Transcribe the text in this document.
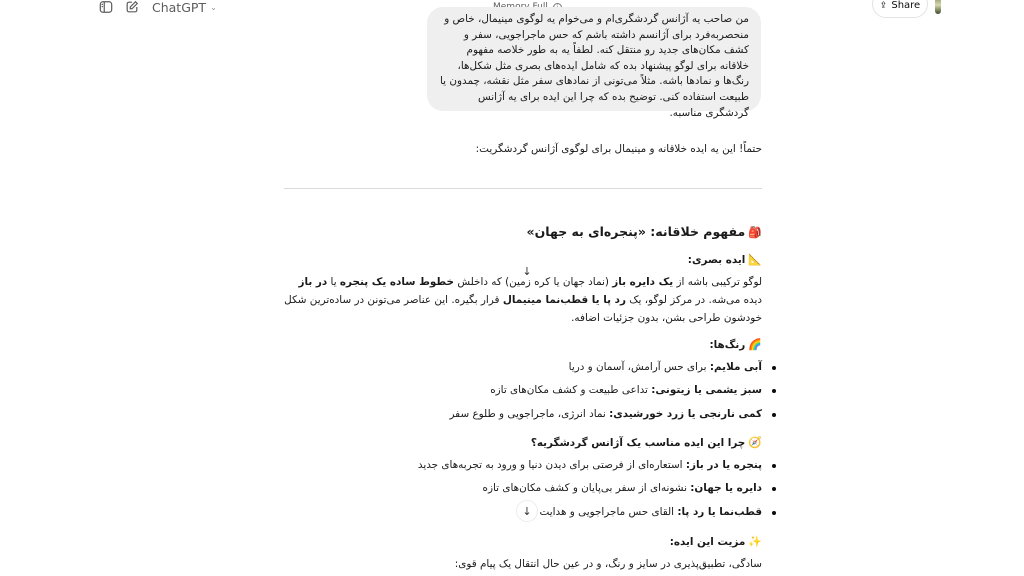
ChatGPT ⌄	⇪ Share
من صاحب یه آژانس گردشگری‌ام و می‌خوام یه لوگوی مینیمال، خاص و منحصربه‌فرد برای آژانسم داشته باشم که حس ماجراجویی، سفر و کشف مکان‌های جدید رو منتقل کنه. لطفاً یه به طور خلاصه مفهوم خلاقانه برای لوگو پیشنهاد بده که شامل ایده‌های بصری مثل شکل‌ها، رنگ‌ها و نمادها باشه. مثلاً می‌تونی از نمادهای سفر مثل نقشه، چمدون یا طبیعت استفاده کنی. توضیح بده که چرا این ایده برای یه آژانس گردشگری مناسبه.
حتماً! این یه ایده خلاقانه و مینیمال برای لوگوی آژانس گردشگریت:
🎒مفهوم خلاقانه: «پنجره‌ای به جهان»
📐ایده بصری:
لوگو ترکیبی باشه از یک دایره باز (نماد جهان یا کره زمین) که داخلش خطوط ساده یک پنجره یا در باز دیده می‌شه. در مرکز لوگو، یک رد پا یا قطب‌نما مینیمال قرار بگیره. این عناصر می‌تونن در ساده‌ترین شکل خودشون طراحی بشن، بدون جزئیات اضافه.
🌈رنگ‌ها:
آبی ملایم: برای حس آرامش، آسمان و دریا
سبز یشمی یا زیتونی: تداعی طبیعت و کشف مکان‌های تازه
کمی نارنجی یا زرد خورشیدی: نماد انرژی، ماجراجویی و طلوع سفر
🧭چرا این ایده مناسب یک آژانس گردشگریه؟
پنجره یا در باز: استعاره‌ای از فرصتی برای دیدن دنیا و ورود به تجربه‌های جدید
دایره یا جهان: نشونه‌ای از سفر بی‌پایان و کشف مکان‌های تازه
قطب‌نما یا رد پا: القای حس ماجراجویی و هدایت
✨مزیت این ایده:
سادگی، تطبیق‌پذیری در سایز و رنگ، و در عین حال انتقال یک پیام قوی:
↓
↓
